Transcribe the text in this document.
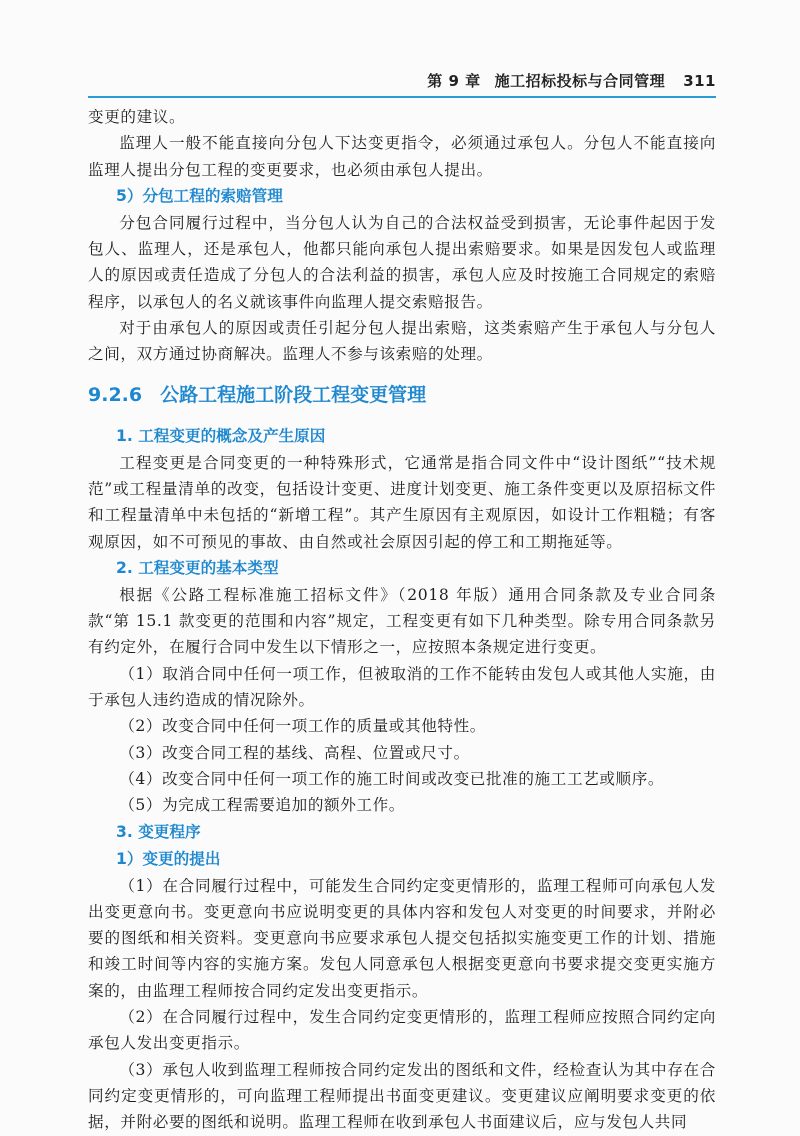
第 9 章 施工招标投标与合同管理 311

变更的建议。

监理人一般不能直接向分包人下达变更指令，必须通过承包人。分包人不能直接向监理人提出分包工程的变更要求，也必须由承包人提出。

5）分包工程的索赔管理

分包合同履行过程中，当分包人认为自己的合法权益受到损害，无论事件起因于发包人、监理人，还是承包人，他都只能向承包人提出索赔要求。如果是因发包人或监理人的原因或责任造成了分包人的合法利益的损害，承包人应及时按施工合同规定的索赔程序，以承包人的名义就该事件向监理人提交索赔报告。

对于由承包人的原因或责任引起分包人提出索赔，这类索赔产生于承包人与分包人之间，双方通过协商解决。监理人不参与该索赔的处理。

9.2.6 公路工程施工阶段工程变更管理

1. 工程变更的概念及产生原因

工程变更是合同变更的一种特殊形式，它通常是指合同文件中“设计图纸”“技术规范”或工程量清单的改变，包括设计变更、进度计划变更、施工条件变更以及原招标文件和工程量清单中未包括的“新增工程”。其产生原因有主观原因，如设计工作粗糙；有客观原因，如不可预见的事故、由自然或社会原因引起的停工和工期拖延等。

2. 工程变更的基本类型

根据《公路工程标准施工招标文件》（2018 年版）通用合同条款及专业合同条款“第 15.1 款变更的范围和内容”规定，工程变更有如下几种类型。除专用合同条款另有约定外，在履行合同中发生以下情形之一，应按照本条规定进行变更。

（1）取消合同中任何一项工作，但被取消的工作不能转由发包人或其他人实施，由于承包人违约造成的情况除外。

（2）改变合同中任何一项工作的质量或其他特性。

（3）改变合同工程的基线、高程、位置或尺寸。

（4）改变合同中任何一项工作的施工时间或改变已批准的施工工艺或顺序。

（5）为完成工程需要追加的额外工作。

3. 变更程序

1）变更的提出

（1）在合同履行过程中，可能发生合同约定变更情形的，监理工程师可向承包人发出变更意向书。变更意向书应说明变更的具体内容和发包人对变更的时间要求，并附必要的图纸和相关资料。变更意向书应要求承包人提交包括拟实施变更工作的计划、措施和竣工时间等内容的实施方案。发包人同意承包人根据变更意向书要求提交变更实施方案的，由监理工程师按合同约定发出变更指示。

（2）在合同履行过程中，发生合同约定变更情形的，监理工程师应按照合同约定向承包人发出变更指示。

（3）承包人收到监理工程师按合同约定发出的图纸和文件，经检查认为其中存在合同约定变更情形的，可向监理工程师提出书面变更建议。变更建议应阐明要求变更的依据，并附必要的图纸和说明。监理工程师在收到承包人书面建议后，应与发包人共同
